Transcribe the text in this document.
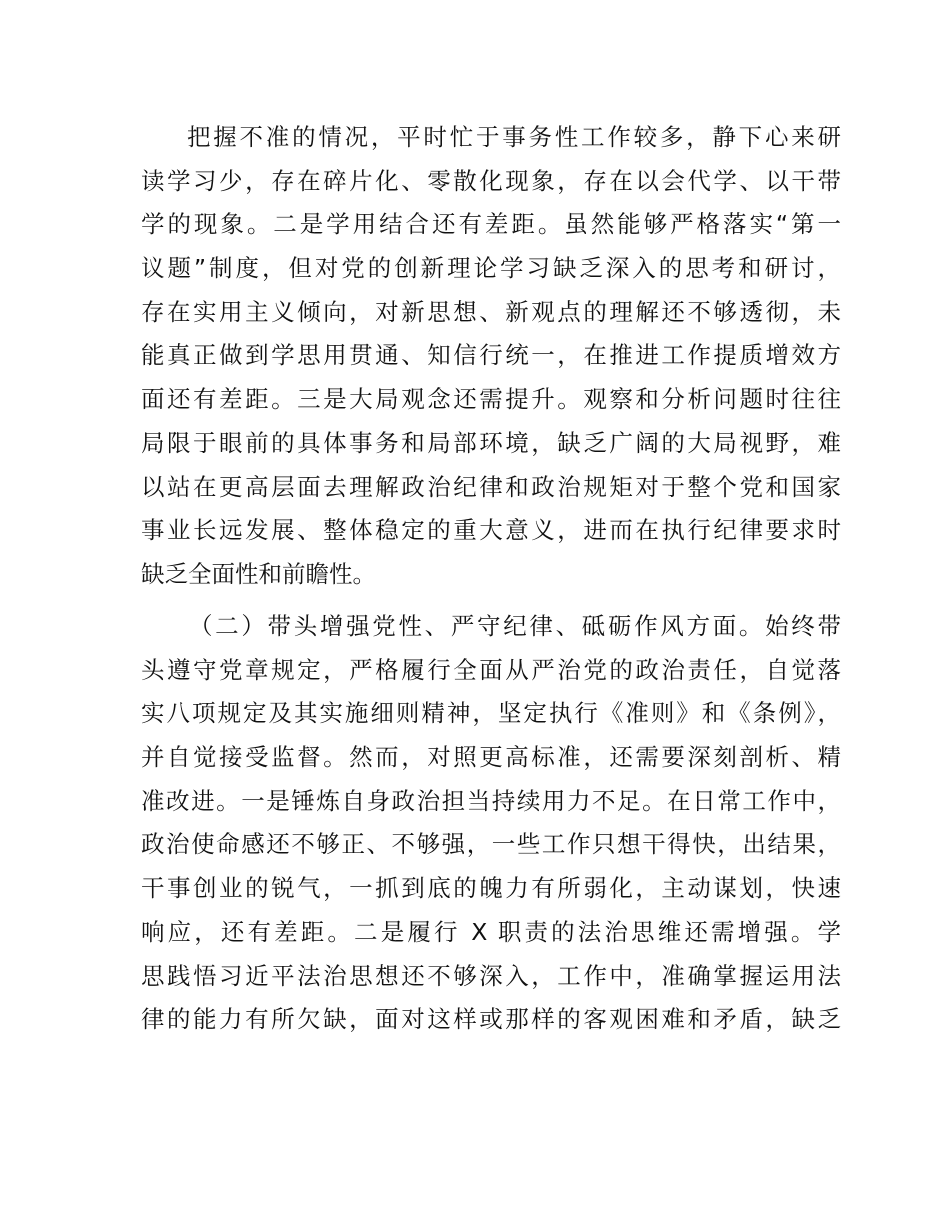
把握不准的情况，平时忙于事务性工作较多，静下心来研
读学习少，存在碎片化、零散化现象，存在以会代学、以干带
学的现象。二是学用结合还有差距。虽然能够严格落实“第一
议题”制度，但对党的创新理论学习缺乏深入的思考和研讨，
存在实用主义倾向，对新思想、新观点的理解还不够透彻，未
能真正做到学思用贯通、知信行统一，在推进工作提质增效方
面还有差距。三是大局观念还需提升。观察和分析问题时往往
局限于眼前的具体事务和局部环境，缺乏广阔的大局视野，难
以站在更高层面去理解政治纪律和政治规矩对于整个党和国家
事业长远发展、整体稳定的重大意义，进而在执行纪律要求时
缺乏全面性和前瞻性。
（二）带头增强党性、严守纪律、砥砺作风方面。始终带
头遵守党章规定，严格履行全面从严治党的政治责任，自觉落
实八项规定及其实施细则精神，坚定执行《准则》和《条例》，
并自觉接受监督。然而，对照更高标准，还需要深刻剖析、精
准改进。一是锤炼自身政治担当持续用力不足。在日常工作中，
政治使命感还不够正、不够强，一些工作只想干得快，出结果，
干事创业的锐气，一抓到底的魄力有所弱化，主动谋划，快速
响应，还有差距。二是履行 X 职责的法治思维还需增强。学
思践悟习近平法治思想还不够深入，工作中，准确掌握运用法
律的能力有所欠缺，面对这样或那样的客观困难和矛盾，缺乏
